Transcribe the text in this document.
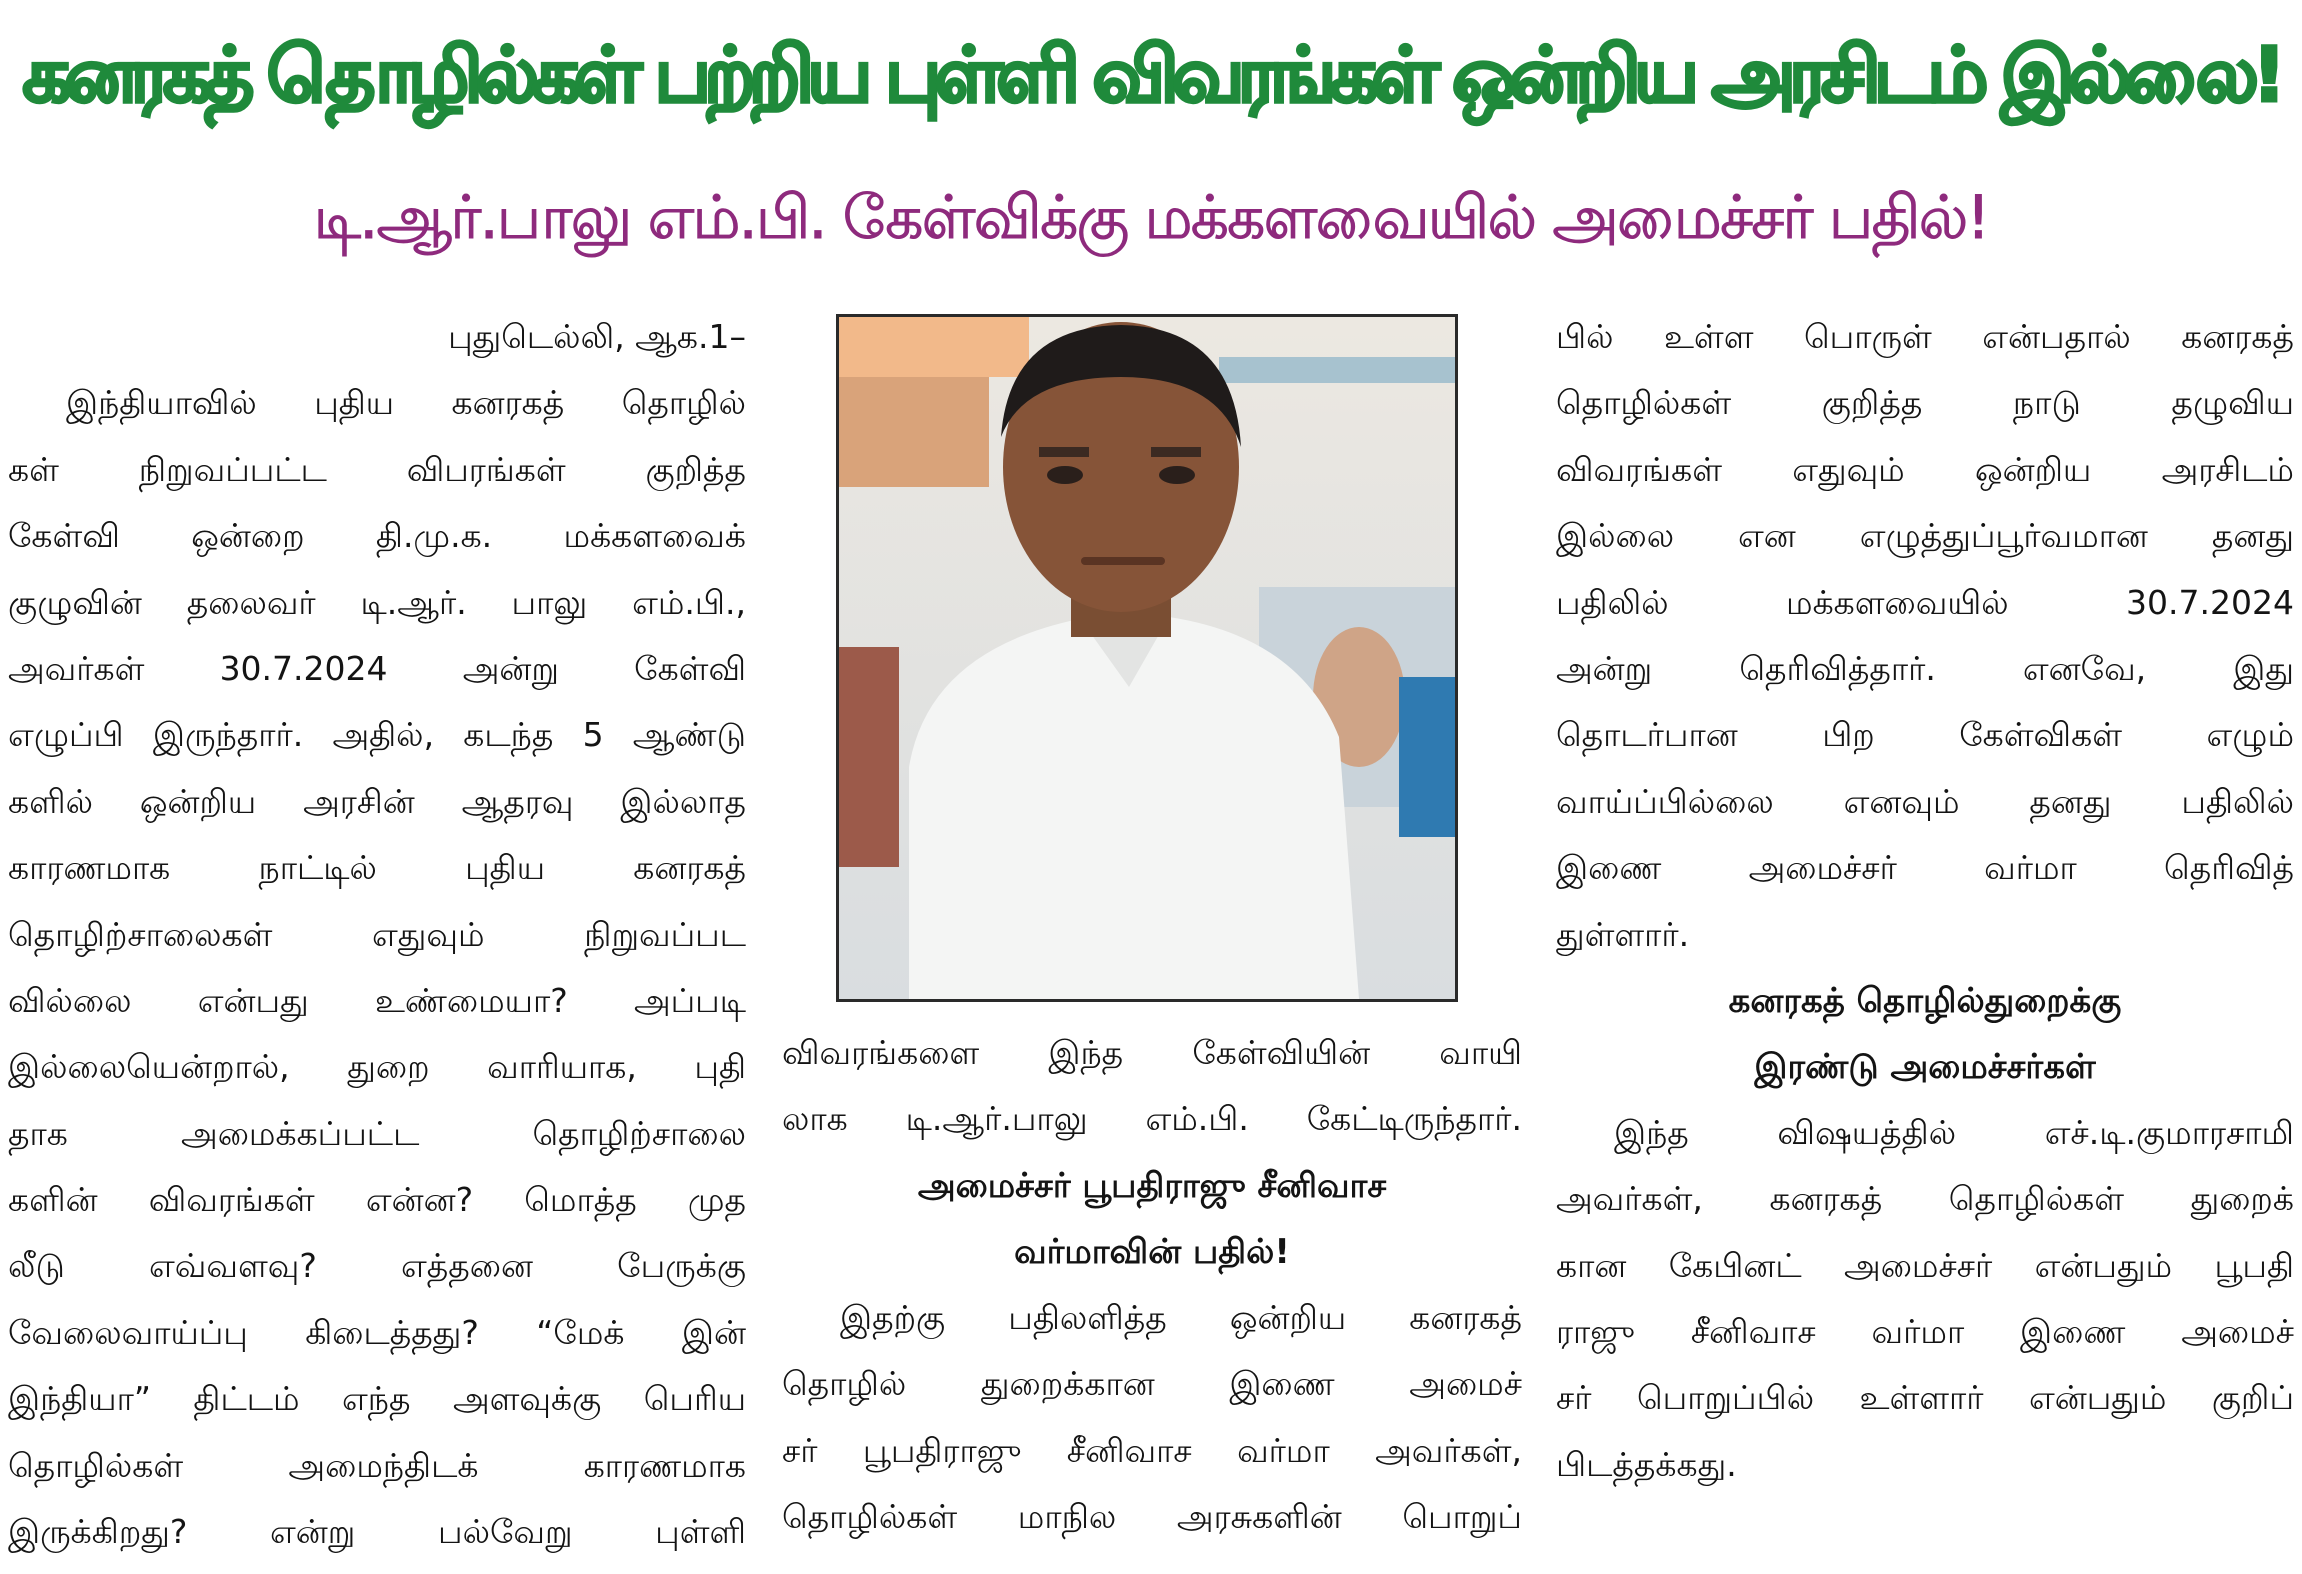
கனரகத் தொழில்கள் பற்றிய புள்ளி விவரங்கள் ஒன்றிய அரசிடம் இல்லை!
டி.ஆர்.பாலு எம்.பி. கேள்விக்கு மக்களவையில் அமைச்சர் பதில்!
புதுடெல்லி, ஆக.1–
இந்தியாவில் புதிய கனரகத் தொழில்
கள் நிறுவப்பட்ட விபரங்கள் குறித்த
கேள்வி ஒன்றை தி.மு.க. மக்களவைக்
குழுவின் தலைவர் டி.ஆர். பாலு எம்.பி.,
அவர்கள் 30.7.2024 அன்று கேள்வி
எழுப்பி இருந்தார். அதில், கடந்த 5 ஆண்டு
களில் ஒன்றிய அரசின் ஆதரவு இல்லாத
காரணமாக நாட்டில் புதிய கனரகத்
தொழிற்சாலைகள் எதுவும் நிறுவப்பட
வில்லை என்பது உண்மையா? அப்படி
இல்லையென்றால், துறை வாரியாக, புதி
தாக அமைக்கப்பட்ட தொழிற்சாலை
களின் விவரங்கள் என்ன? மொத்த முத
லீடு எவ்வளவு? எத்தனை பேருக்கு
வேலைவாய்ப்பு கிடைத்தது? “மேக் இன்
இந்தியா” திட்டம் எந்த அளவுக்கு பெரிய
தொழில்கள் அமைந்திடக் காரணமாக
இருக்கிறது? என்று பல்வேறு புள்ளி
விவரங்களை இந்த கேள்வியின் வாயி
லாக டி.ஆர்.பாலு எம்.பி. கேட்டிருந்தார்.
அமைச்சர் பூபதிராஜு சீனிவாச
வர்மாவின் பதில்!
இதற்கு பதிலளித்த ஒன்றிய கனரகத்
தொழில் துறைக்கான இணை அமைச்
சர் பூபதிராஜு சீனிவாச வர்மா அவர்கள்,
தொழில்கள் மாநில அரசுகளின் பொறுப்
பில் உள்ள பொருள் என்பதால் கனரகத்
தொழில்கள் குறித்த நாடு தழுவிய
விவரங்கள் எதுவும் ஒன்றிய அரசிடம்
இல்லை என எழுத்துப்பூர்வமான தனது
பதிலில் மக்களவையில் 30.7.2024
அன்று தெரிவித்தார். எனவே, இது
தொடர்பான பிற கேள்விகள் எழும்
வாய்ப்பில்லை எனவும் தனது பதிலில்
இணை அமைச்சர் வர்மா தெரிவித்
துள்ளார்.
கனரகத் தொழில்துறைக்கு
இரண்டு அமைச்சர்கள்
இந்த விஷயத்தில் எச்.டி.குமாரசாமி
அவர்கள், கனரகத் தொழில்கள் துறைக்
கான கேபினட் அமைச்சர் என்பதும் பூபதி
ராஜு சீனிவாச வர்மா இணை அமைச்
சர் பொறுப்பில் உள்ளார் என்பதும் குறிப்
பிடத்தக்கது.
